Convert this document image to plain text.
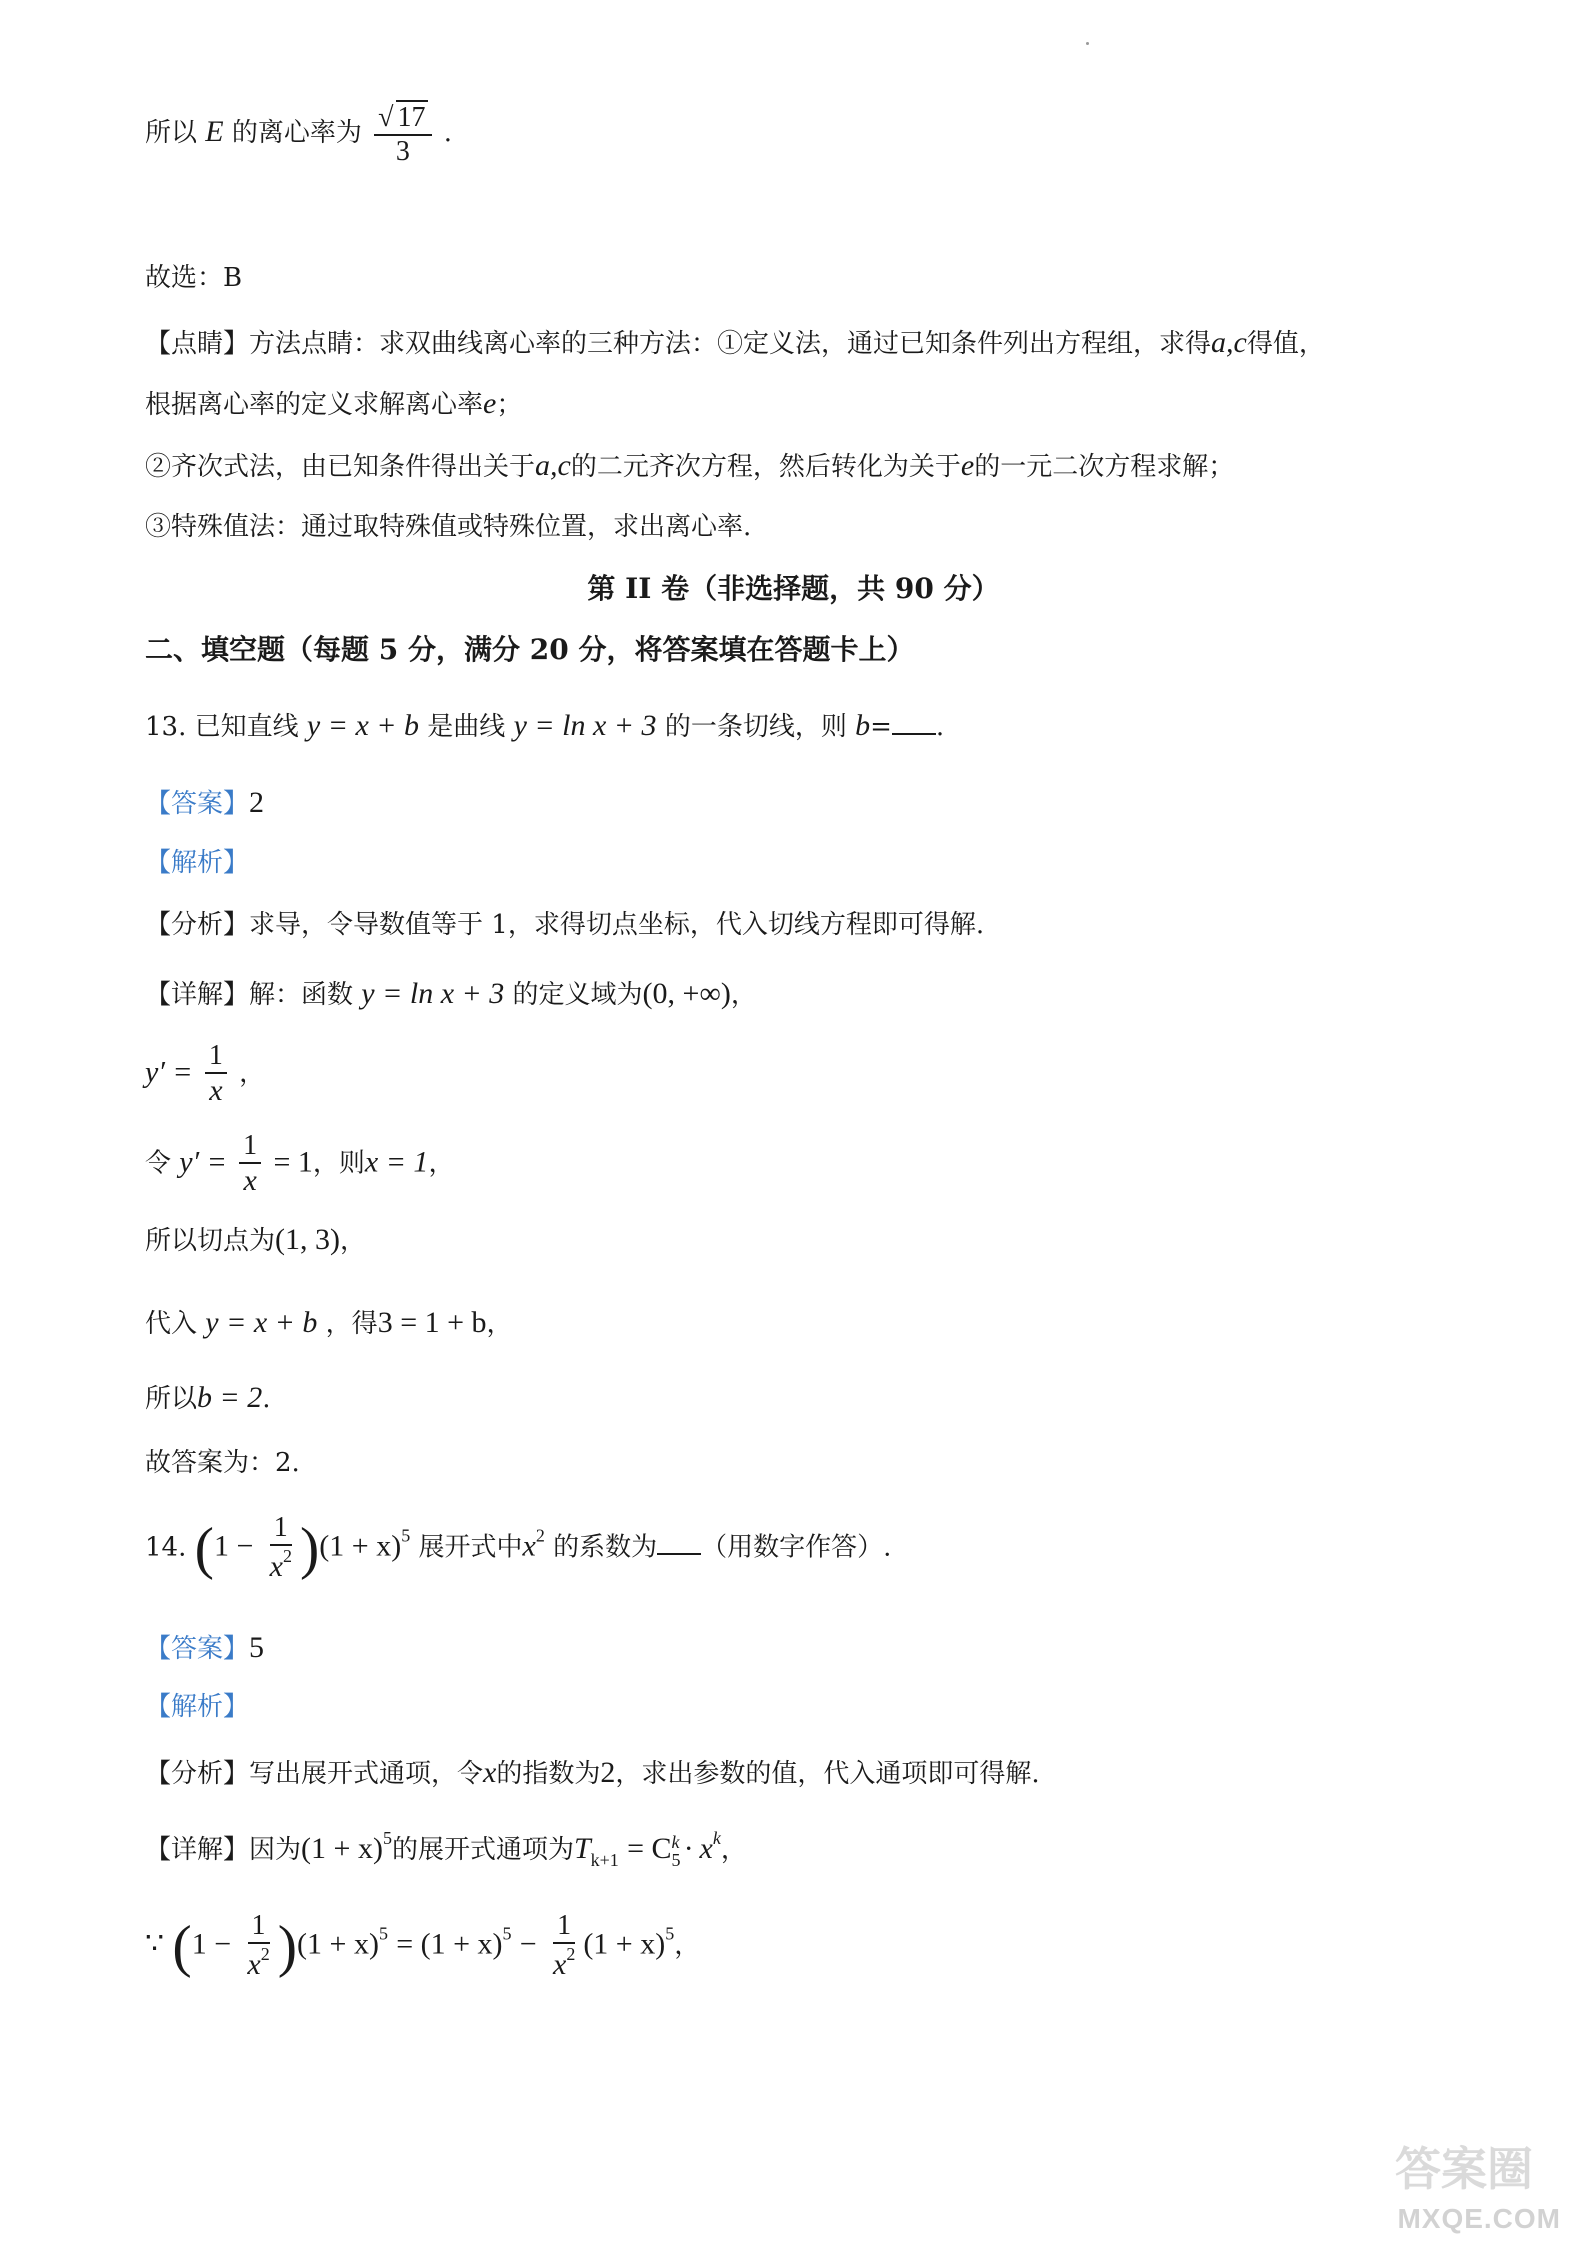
所以 E 的离心率为 $\frac{√ 17}{3}$ .
故选：B
【点睛】方法点睛：求双曲线离心率的三种方法：①定义法，通过已知条件列出方程组，求得a,c得值，
根据离心率的定义求解离心率e；
②齐次式法，由已知条件得出关于a,c的二元齐次方程，然后转化为关于e的一元二次方程求解；
③特殊值法：通过取特殊值或特殊位置，求出离心率.
第 II 卷（非选择题，共 90 分）
二、填空题（每题 5 分，满分 20 分，将答案填在答题卡上）
13. 已知直线 y = x + b 是曲线 y = ln x + 3 的一条切线，则 b= .
【答案】2
【解析】
【分析】求导，令导数值等于 1，求得切点坐标，代入切线方程即可得解.
【详解】解：函数 y = ln x + 3 的定义域为(0, +∞)，
$y' = \frac{1}{x}$ ，
令 $y' = \frac{1}{x} = 1$，则x = 1，
所以切点为(1, 3)，
代入 y = x + b ，得3 = 1 + b，
所以b = 2.
故答案为：2.
14. $(1 - \frac{1}{x^2} )(1 + x)^5$ 展开式中$x^2$ 的系数为 （用数字作答）.
【答案】5
【解析】
【分析】写出展开式通项，令x的指数为2，求出参数的值，代入通项即可得解.
【详解】因为$(1 + x)^5$的展开式通项为$T_{k+1} = C$ k
$5 \cdot x^k$，
∵ $(1 - \frac{1}{x^2} )(1 + x)^5 = (1 + x)^5 - \frac{1}{x^2} (1 + x)^5$，
答案圈
MXQE.COM
